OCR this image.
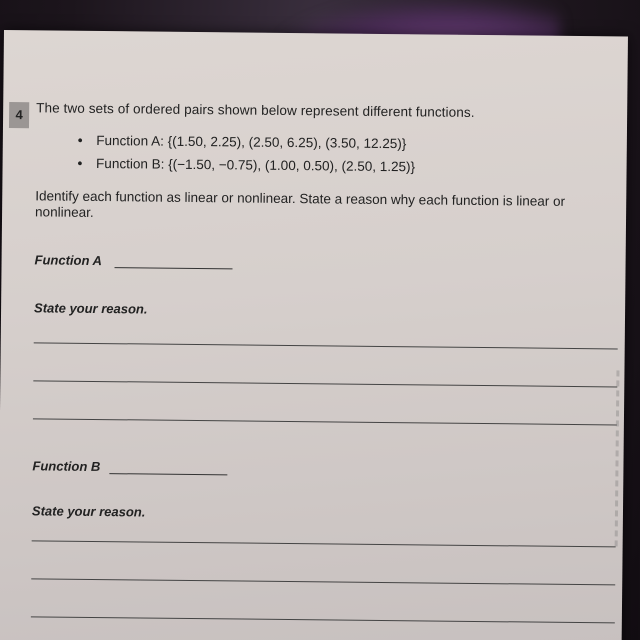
4 The two sets of ordered pairs shown below represent different functions.
• Function A: {(1.50, 2.25), (2.50, 6.25), (3.50, 12.25)}
• Function B: {(−1.50, −0.75), (1.00, 0.50), (2.50, 1.25)}
Identify each function as linear or nonlinear. State a reason why each function is linear or nonlinear.
Function A
State your reason.
Function B
State your reason.
